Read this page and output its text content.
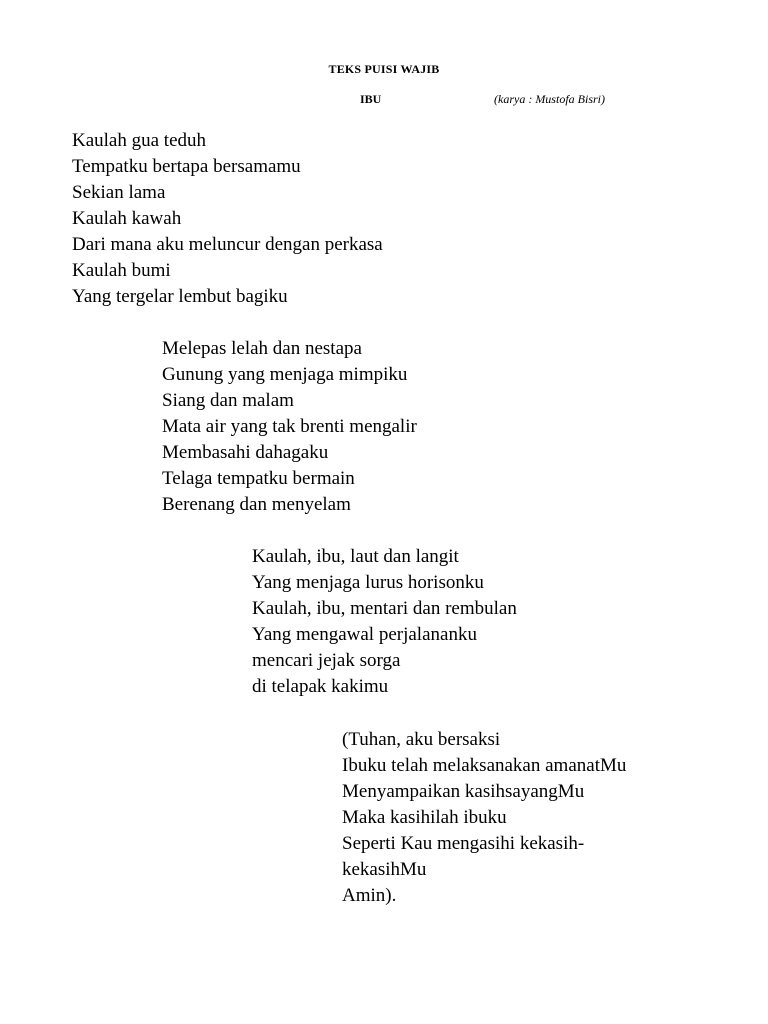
TEKS PUISI WAJIB
IBU	(karya : Mustofa Bisri)
Kaulah gua teduh
Tempatku bertapa bersamamu
Sekian lama
Kaulah kawah
Dari mana aku meluncur dengan perkasa
Kaulah bumi
Yang tergelar lembut bagiku
Melepas lelah dan nestapa
Gunung yang menjaga mimpiku
Siang dan malam
Mata air yang tak brenti mengalir
Membasahi dahagaku
Telaga tempatku bermain
Berenang dan menyelam
Kaulah, ibu, laut dan langit
Yang menjaga lurus horisonku
Kaulah, ibu, mentari dan rembulan
Yang mengawal perjalananku
mencari jejak sorga
di telapak kakimu
(Tuhan, aku bersaksi
Ibuku telah melaksanakan amanatMu
Menyampaikan kasihsayangMu
Maka kasihilah ibuku
Seperti Kau mengasihi kekasih-
kekasihMu
Amin).
